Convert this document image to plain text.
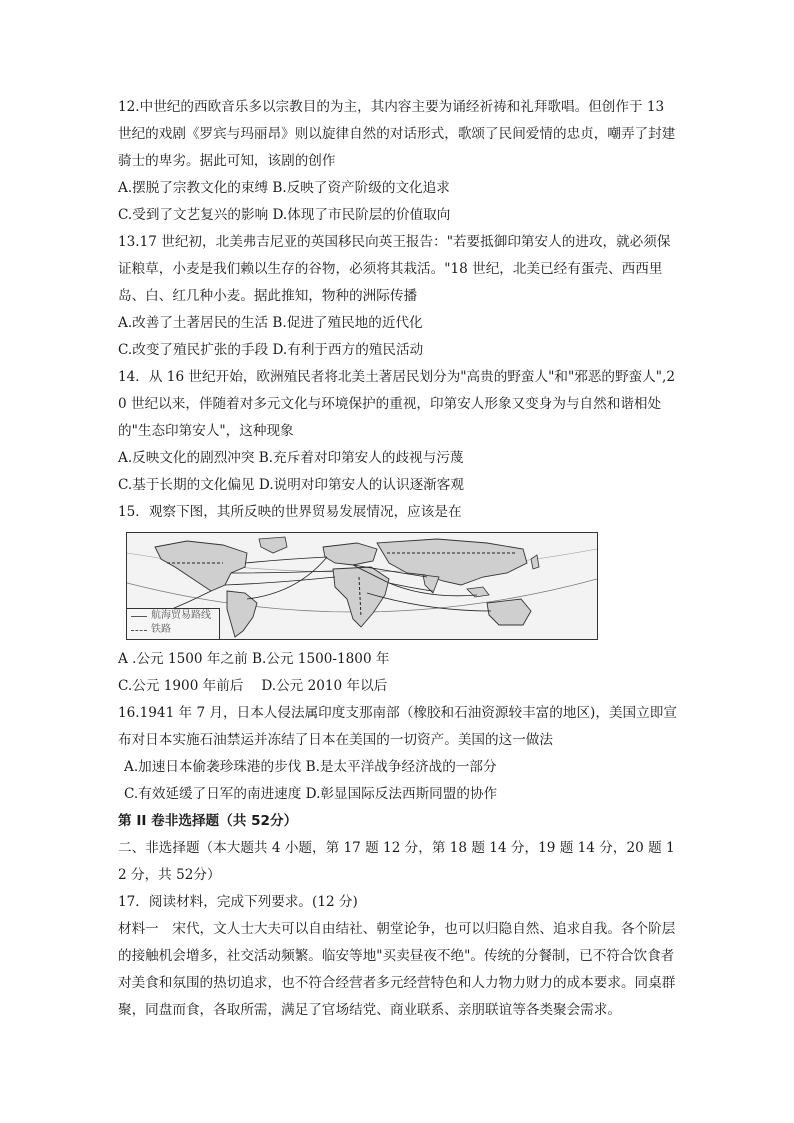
12.中世纪的西欧音乐多以宗教目的为主，其内容主要为诵经祈祷和礼拜歌唱。但创作于 13 世纪的戏剧《罗宾与玛丽昂》则以旋律自然的对话形式，歌颂了民间爱情的忠贞，嘲弄了封建骑士的卑劣。据此可知，该剧的创作

A.摆脱了宗教文化的束缚 B.反映了资产阶级的文化追求

C.受到了文艺复兴的影响 D.体现了市民阶层的价值取向

13.17 世纪初，北美弗吉尼亚的英国移民向英王报告："若要抵御印第安人的进攻，就必须保证粮草，小麦是我们赖以生存的谷物，必须将其栽活。"18 世纪，北美已经有蛋壳、西西里岛、白、红几种小麦。据此推知，物种的洲际传播

A.改善了土著居民的生活 B.促进了殖民地的近代化

C.改变了殖民扩张的手段 D.有利于西方的殖民活动

14．从 16 世纪开始，欧洲殖民者将北美土著居民划分为"高贵的野蛮人"和"邪恶的野蛮人",20 世纪以来，伴随着对多元文化与环境保护的重视，印第安人形象又变身为与自然和谐相处的"生态印第安人"，这种现象

A.反映文化的剧烈冲突 B.充斥着对印第安人的歧视与污蔑

C.基于长期的文化偏见 D.说明对印第安人的认识逐渐客观

15．观察下图，其所反映的世界贸易发展情况，应该是在

航海贸易路线
铁路

A .公元 1500 年之前 B.公元 1500-1800 年

C.公元 1900 年前后　 D.公元 2010 年以后

16.1941 年 7 月，日本人侵法属印度支那南部（橡胶和石油资源较丰富的地区)，美国立即宣布对日本实施石油禁运并冻结了日本在美国的一切资产。美国的这一做法

A.加速日本偷袭珍珠港的步伐 B.是太平洋战争经济战的一部分

C.有效延缓了日军的南进速度 D.彰显国际反法西斯同盟的协作

第 II 卷非选择题（共 52分）

二、非选择题（本大题共 4 小题，第 17 题 12 分，第 18 题 14 分，19 题 14 分，20 题 12 分，共 52分）

17．阅读材料，完成下列要求。(12 分)

材料一　宋代，文人士大夫可以自由结社、朝堂论争，也可以归隐自然、追求自我。各个阶层的接触机会增多，社交活动频繁。临安等地"买卖昼夜不绝"。传统的分餐制，已不符合饮食者对美食和氛围的热切追求，也不符合经营者多元经营特色和人力物力财力的成本要求。同桌群聚，同盘而食，各取所需，满足了官场结党、商业联系、亲朋联谊等各类聚会需求。
